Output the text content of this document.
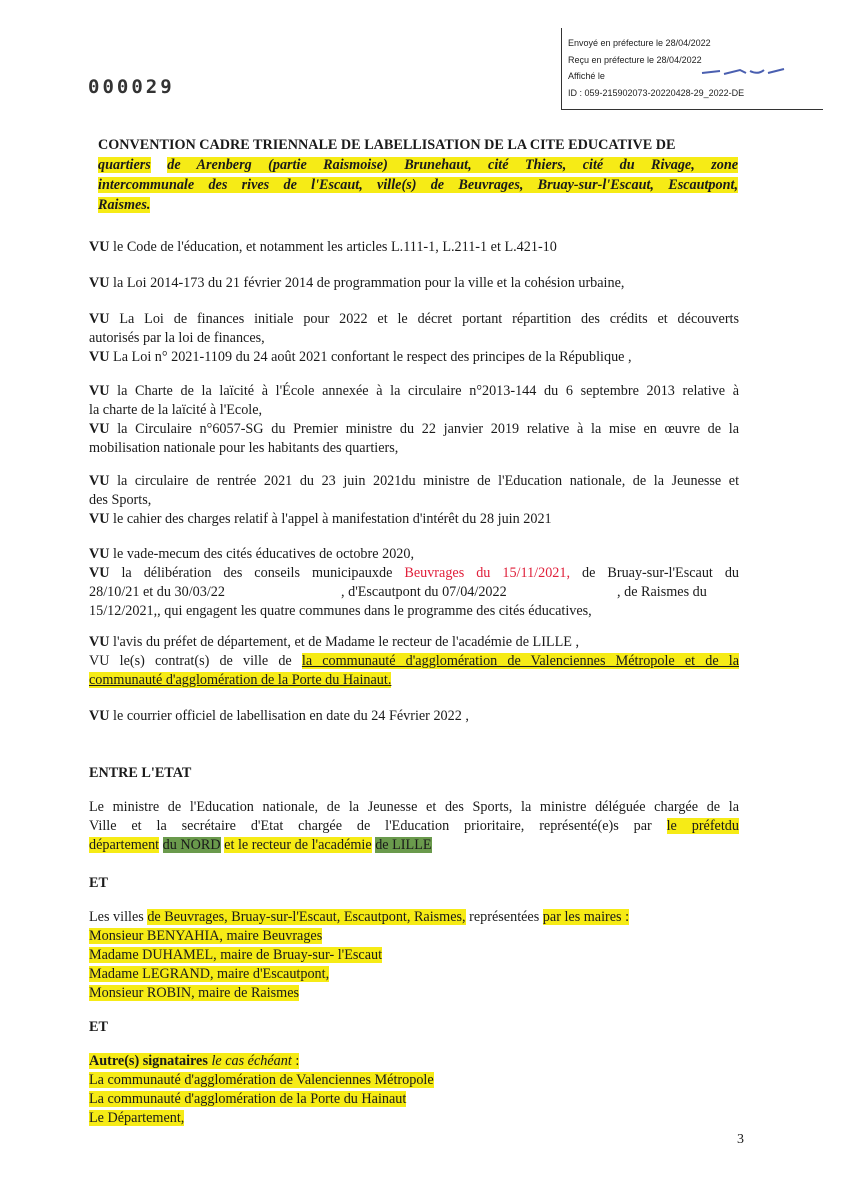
Envoyé en préfecture le 28/04/2022
Reçu en préfecture le 28/04/2022
Affiché le
ID : 059-215902073-20220428-29_2022-DE
000029
CONVENTION CADRE TRIENNALE DE LABELLISATION DE LA CITE EDUCATIVE DE
quartiers de Arenberg (partie Raismoise) Brunehaut, cité Thiers, cité du Rivage, zone
intercommunale des rives de l'Escaut, ville(s) de Beuvrages, Bruay-sur-l'Escaut, Escautpont,
Raismes.
VU le Code de l'éducation, et notamment les articles L.111-1, L.211-1 et L.421-10
VU la Loi 2014-173 du 21 février 2014 de programmation pour la ville et la cohésion urbaine,
VU La Loi de finances initiale pour 2022 et le décret portant répartition des crédits et découverts
autorisés par la loi de finances,
VU La Loi n° 2021-1109 du 24 août 2021 confortant le respect des principes de la République ,
VU la Charte de la laïcité à l'École annexée à la circulaire n°2013-144 du 6 septembre 2013 relative à
la charte de la laïcité à l'Ecole,
VU la Circulaire n°6057-SG du Premier ministre du 22 janvier 2019 relative à la mise en œuvre de la
mobilisation nationale pour les habitants des quartiers,
VU la circulaire de rentrée 2021 du 23 juin 2021du ministre de l'Education nationale, de la Jeunesse et
des Sports,
VU le cahier des charges relatif à l'appel à manifestation d'intérêt du 28 juin 2021
VU le vade-mecum des cités éducatives de octobre 2020,
VU la délibération des conseils municipauxde Beuvrages du 15/11/2021, de Bruay-sur-l'Escaut du
28/10/21 et du 30/03/22	, d'Escautpont du 07/04/2022	, de Raismes du
15/12/2021,, qui engagent les quatre communes dans le programme des cités éducatives,
VU l'avis du préfet de département, et de Madame le recteur de l'académie de LILLE ,
VU le(s) contrat(s) de ville de la communauté d'agglomération de Valenciennes Métropole et de la
communauté d'agglomération de la Porte du Hainaut.
VU le courrier officiel de labellisation en date du 24 Février 2022 ,
ENTRE L'ETAT
Le ministre de l'Education nationale, de la Jeunesse et des Sports, la ministre déléguée chargée de la
Ville et la secrétaire d'Etat chargée de l'Education prioritaire, représenté(e)s par le préfetdu
département du NORD et le recteur de l'académie de LILLE
ET
Les villes de Beuvrages, Bruay-sur-l'Escaut, Escautpont, Raismes, représentées par les maires :
Monsieur BENYAHIA, maire Beuvrages
Madame DUHAMEL, maire de Bruay-sur- l'Escaut
Madame LEGRAND, maire d'Escautpont,
Monsieur ROBIN, maire de Raismes
ET
Autre(s) signataires le cas échéant :
La communauté d'agglomération de Valenciennes Métropole
La communauté d'agglomération de la Porte du Hainaut
Le Département,
3
